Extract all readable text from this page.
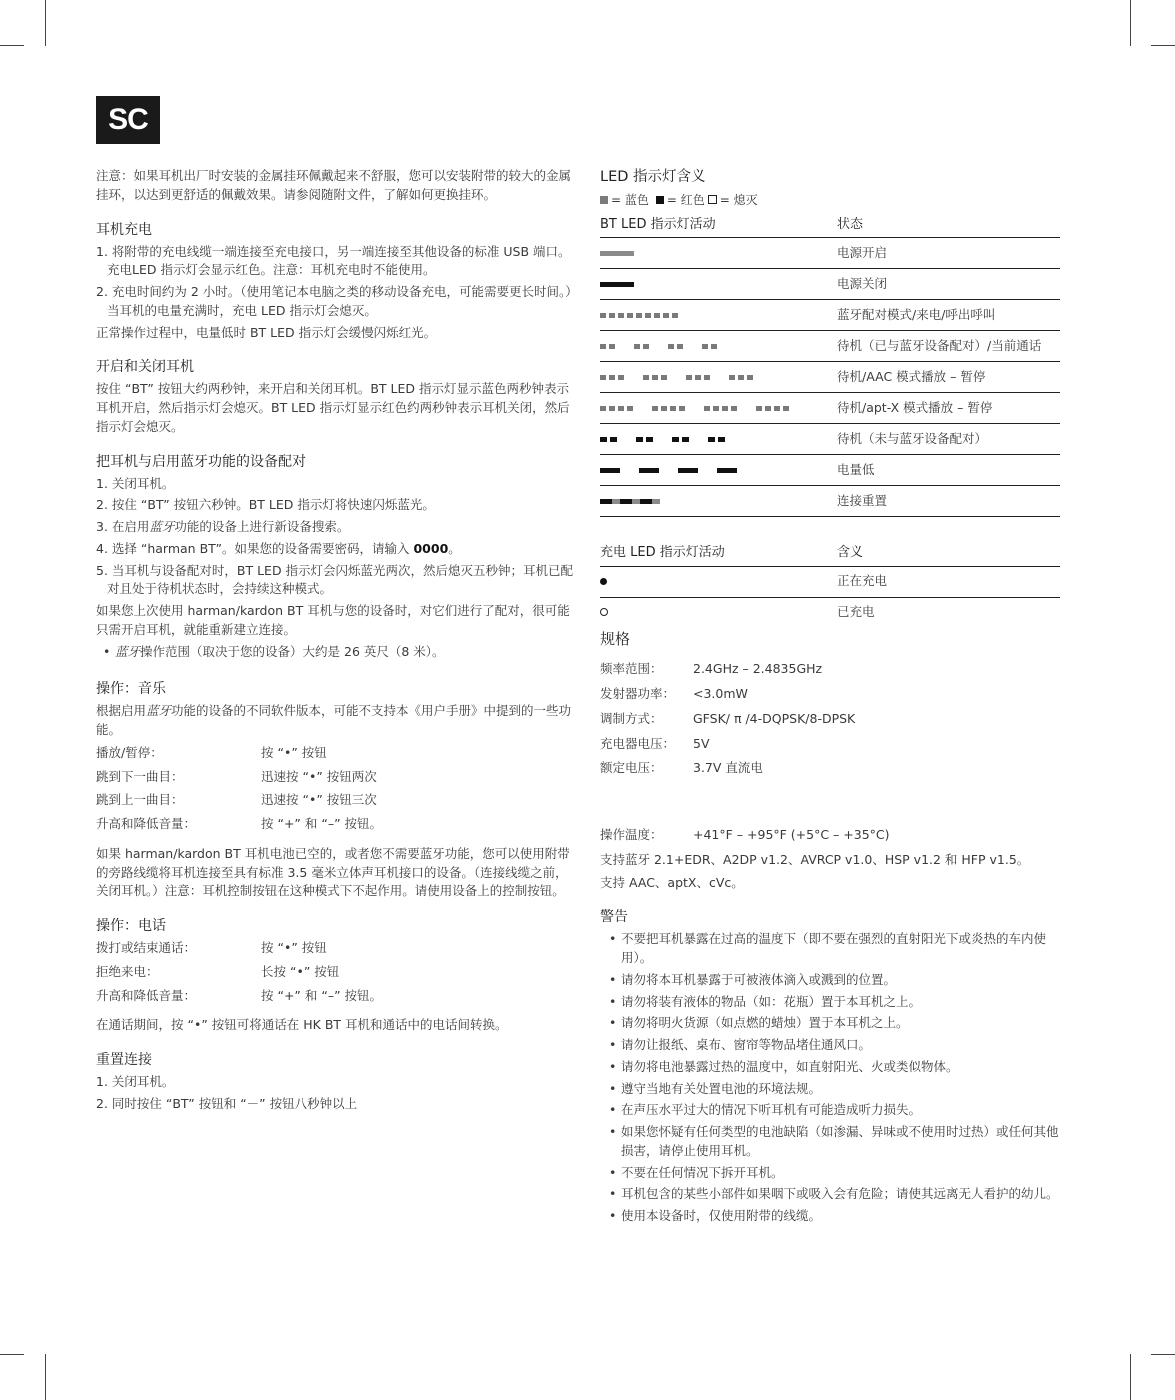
SC

注意：如果耳机出厂时安装的金属挂环佩戴起来不舒服，您可以安装附带的较大的金属挂环，以达到更舒适的佩戴效果。请参阅随附文件，了解如何更换挂环。

耳机充电
1. 将附带的充电线缆一端连接至充电接口，另一端连接至其他设备的标准 USB 端口。充电LED 指示灯会显示红色。注意：耳机充电时不能使用。
2. 充电时间约为 2 小时。（使用笔记本电脑之类的移动设备充电，可能需要更长时间。）当耳机的电量充满时，充电 LED 指示灯会熄灭。

正常操作过程中，电量低时 BT LED 指示灯会缓慢闪烁红光。

开启和关闭耳机

按住 “BT” 按钮大约两秒钟，来开启和关闭耳机。BT LED 指示灯显示蓝色两秒钟表示耳机开启，然后指示灯会熄灭。BT LED 指示灯显示红色约两秒钟表示耳机关闭，然后指示灯会熄灭。

把耳机与启用蓝牙功能的设备配对
1. 关闭耳机。
2. 按住 “BT” 按钮六秒钟。BT LED 指示灯将快速闪烁蓝光。
3. 在启用蓝牙功能的设备上进行新设备搜索。
4. 选择 “harman BT”。如果您的设备需要密码，请输入 0000。
5. 当耳机与设备配对时，BT LED 指示灯会闪烁蓝光两次，然后熄灭五秒钟；耳机已配对且处于待机状态时，会持续这种模式。

如果您上次使用 harman/kardon BT 耳机与您的设备时，对它们进行了配对，很可能只需开启耳机，就能重新建立连接。

• 蓝牙操作范围（取决于您的设备）大约是 26 英尺（8 米）。
操作：音乐

根据启用蓝牙功能的设备的不同软件版本，可能不支持本《用户手册》中提到的一些功能。

播放/暂停：	按 “•” 按钮
跳到下一曲目：	迅速按 “•” 按钮两次
跳到上一曲目：	迅速按 “•” 按钮三次
升高和降低音量：	按 “+” 和 “–” 按钮。

如果 harman/kardon BT 耳机电池已空的，或者您不需要蓝牙功能，您可以使用附带的旁路线缆将耳机连接至具有标准 3.5 毫米立体声耳机接口的设备。（连接线缆之前，关闭耳机。）注意：耳机控制按钮在这种模式下不起作用。请使用设备上的控制按钮。

操作：电话
拨打或结束通话：	按 “•” 按钮
拒绝来电：	长按 “•” 按钮
升高和降低音量：	按 “+” 和 “–” 按钮。

在通话期间，按 “•” 按钮可将通话在 HK BT 耳机和通话中的电话间转换。

重置连接
1. 关闭耳机。
2. 同时按住 “BT” 按钮和 “－” 按钮八秒钟以上
LED 指示灯含义
= 蓝色 = 红色 = 熄灭
BT LED 指示灯活动	状态
	电源开启
	电源关闭
	蓝牙配对模式/来电/呼出呼叫
	待机（已与蓝牙设备配对）/当前通话
	待机/AAC 模式播放 – 暂停
	待机/apt-X 模式播放 – 暂停
	待机（未与蓝牙设备配对）
	电量低
	连接重置
充电 LED 指示灯活动	含义
	正在充电
	已充电
规格
频率范围：	2.4GHz – 2.4835GHz
发射器功率：	<3.0mW
调制方式：	GFSK/ π /4-DQPSK/8-DPSK
充电器电压：	5V
额定电压：	3.7V 直流电
操作温度：	+41°F – +95°F (+5°C – +35°C)

支持蓝牙 2.1+EDR、A2DP v1.2、AVRCP v1.0、HSP v1.2 和 HFP v1.5。

支持 AAC、aptX、cVc。

警告
• 不要把耳机暴露在过高的温度下（即不要在强烈的直射阳光下或炎热的车内使用）。
• 请勿将本耳机暴露于可被液体滴入或溅到的位置。
• 请勿将装有液体的物品（如：花瓶）置于本耳机之上。
• 请勿将明火货源（如点燃的蜡烛）置于本耳机之上。
• 请勿让报纸、桌布、窗帘等物品堵住通风口。
• 请勿将电池暴露过热的温度中，如直射阳光、火或类似物体。
• 遵守当地有关处置电池的环境法规。
• 在声压水平过大的情况下听耳机有可能造成听力损失。
• 如果您怀疑有任何类型的电池缺陷（如渗漏、异味或不使用时过热）或任何其他损害，请停止使用耳机。
• 不要在任何情况下拆开耳机。
• 耳机包含的某些小部件如果咽下或吸入会有危险；请使其远离无人看护的幼儿。
• 使用本设备时，仅使用附带的线缆。
